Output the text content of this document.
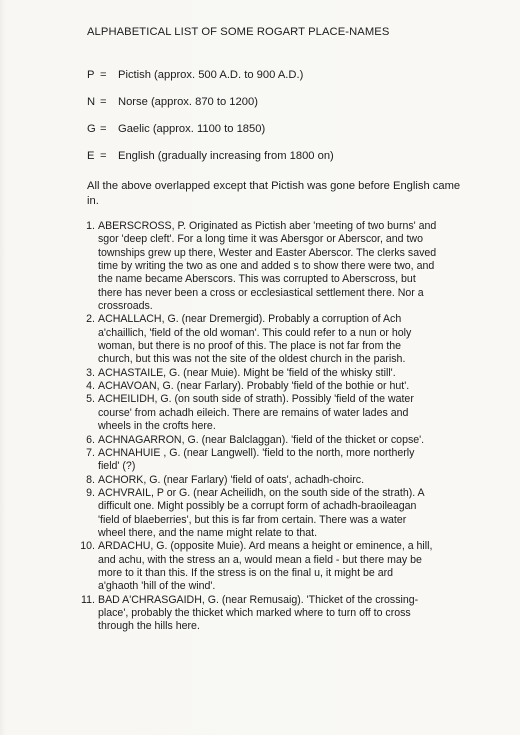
ALPHABETICAL LIST OF SOME ROGART PLACE-NAMES
P = Pictish (approx. 500 A.D. to 900 A.D.)
N = Norse (approx. 870 to 1200)
G = Gaelic (approx. 1100 to 1850)
E = English (gradually increasing from 1800 on)
All the above overlapped except that Pictish was gone before English came
in.
1. ABERSCROSS, P. Originated as Pictish aber 'meeting of two burns' and
sgor 'deep cleft'. For a long time it was Abersgor or Aberscor, and two
townships grew up there, Wester and Easter Aberscor. The clerks saved
time by writing the two as one and added s to show there were two, and
the name became Aberscors. This was corrupted to Aberscross, but
there has never been a cross or ecclesiastical settlement there. Nor a
crossroads.
2. ACHALLACH, G. (near Dremergid). Probably a corruption of Ach
a'chaillich, 'field of the old woman'. This could refer to a nun or holy
woman, but there is no proof of this. The place is not far from the
church, but this was not the site of the oldest church in the parish.
3. ACHASTAILE, G. (near Muie). Might be 'field of the whisky still'.
4. ACHAVOAN, G. (near Farlary). Probably 'field of the bothie or hut'.
5. ACHEILIDH, G. (on south side of strath). Possibly 'field of the water
course' from achadh eileich. There are remains of water lades and
wheels in the crofts here.
6. ACHNAGARRON, G. (near Balclaggan). 'field of the thicket or copse'.
7. ACHNAHUIE , G. (near Langwell). 'field to the north, more northerly
field' (?)
8. ACHORK, G. (near Farlary) 'field of oats', achadh-choirc.
9. ACHVRAIL, P or G. (near Acheilidh, on the south side of the strath). A
difficult one. Might possibly be a corrupt form of achadh-braoileagan
'field of blaeberries', but this is far from certain. There was a water
wheel there, and the name might relate to that.
10. ARDACHU, G. (opposite Muie). Ard means a height or eminence, a hill,
and achu, with the stress an a, would mean a field - but there may be
more to it than this. If the stress is on the final u, it might be ard
a'ghaoth 'hill of the wind'.
11. BAD A'CHRASGAIDH, G. (near Remusaig). 'Thicket of the crossing-
place', probably the thicket which marked where to turn off to cross
through the hills here.
